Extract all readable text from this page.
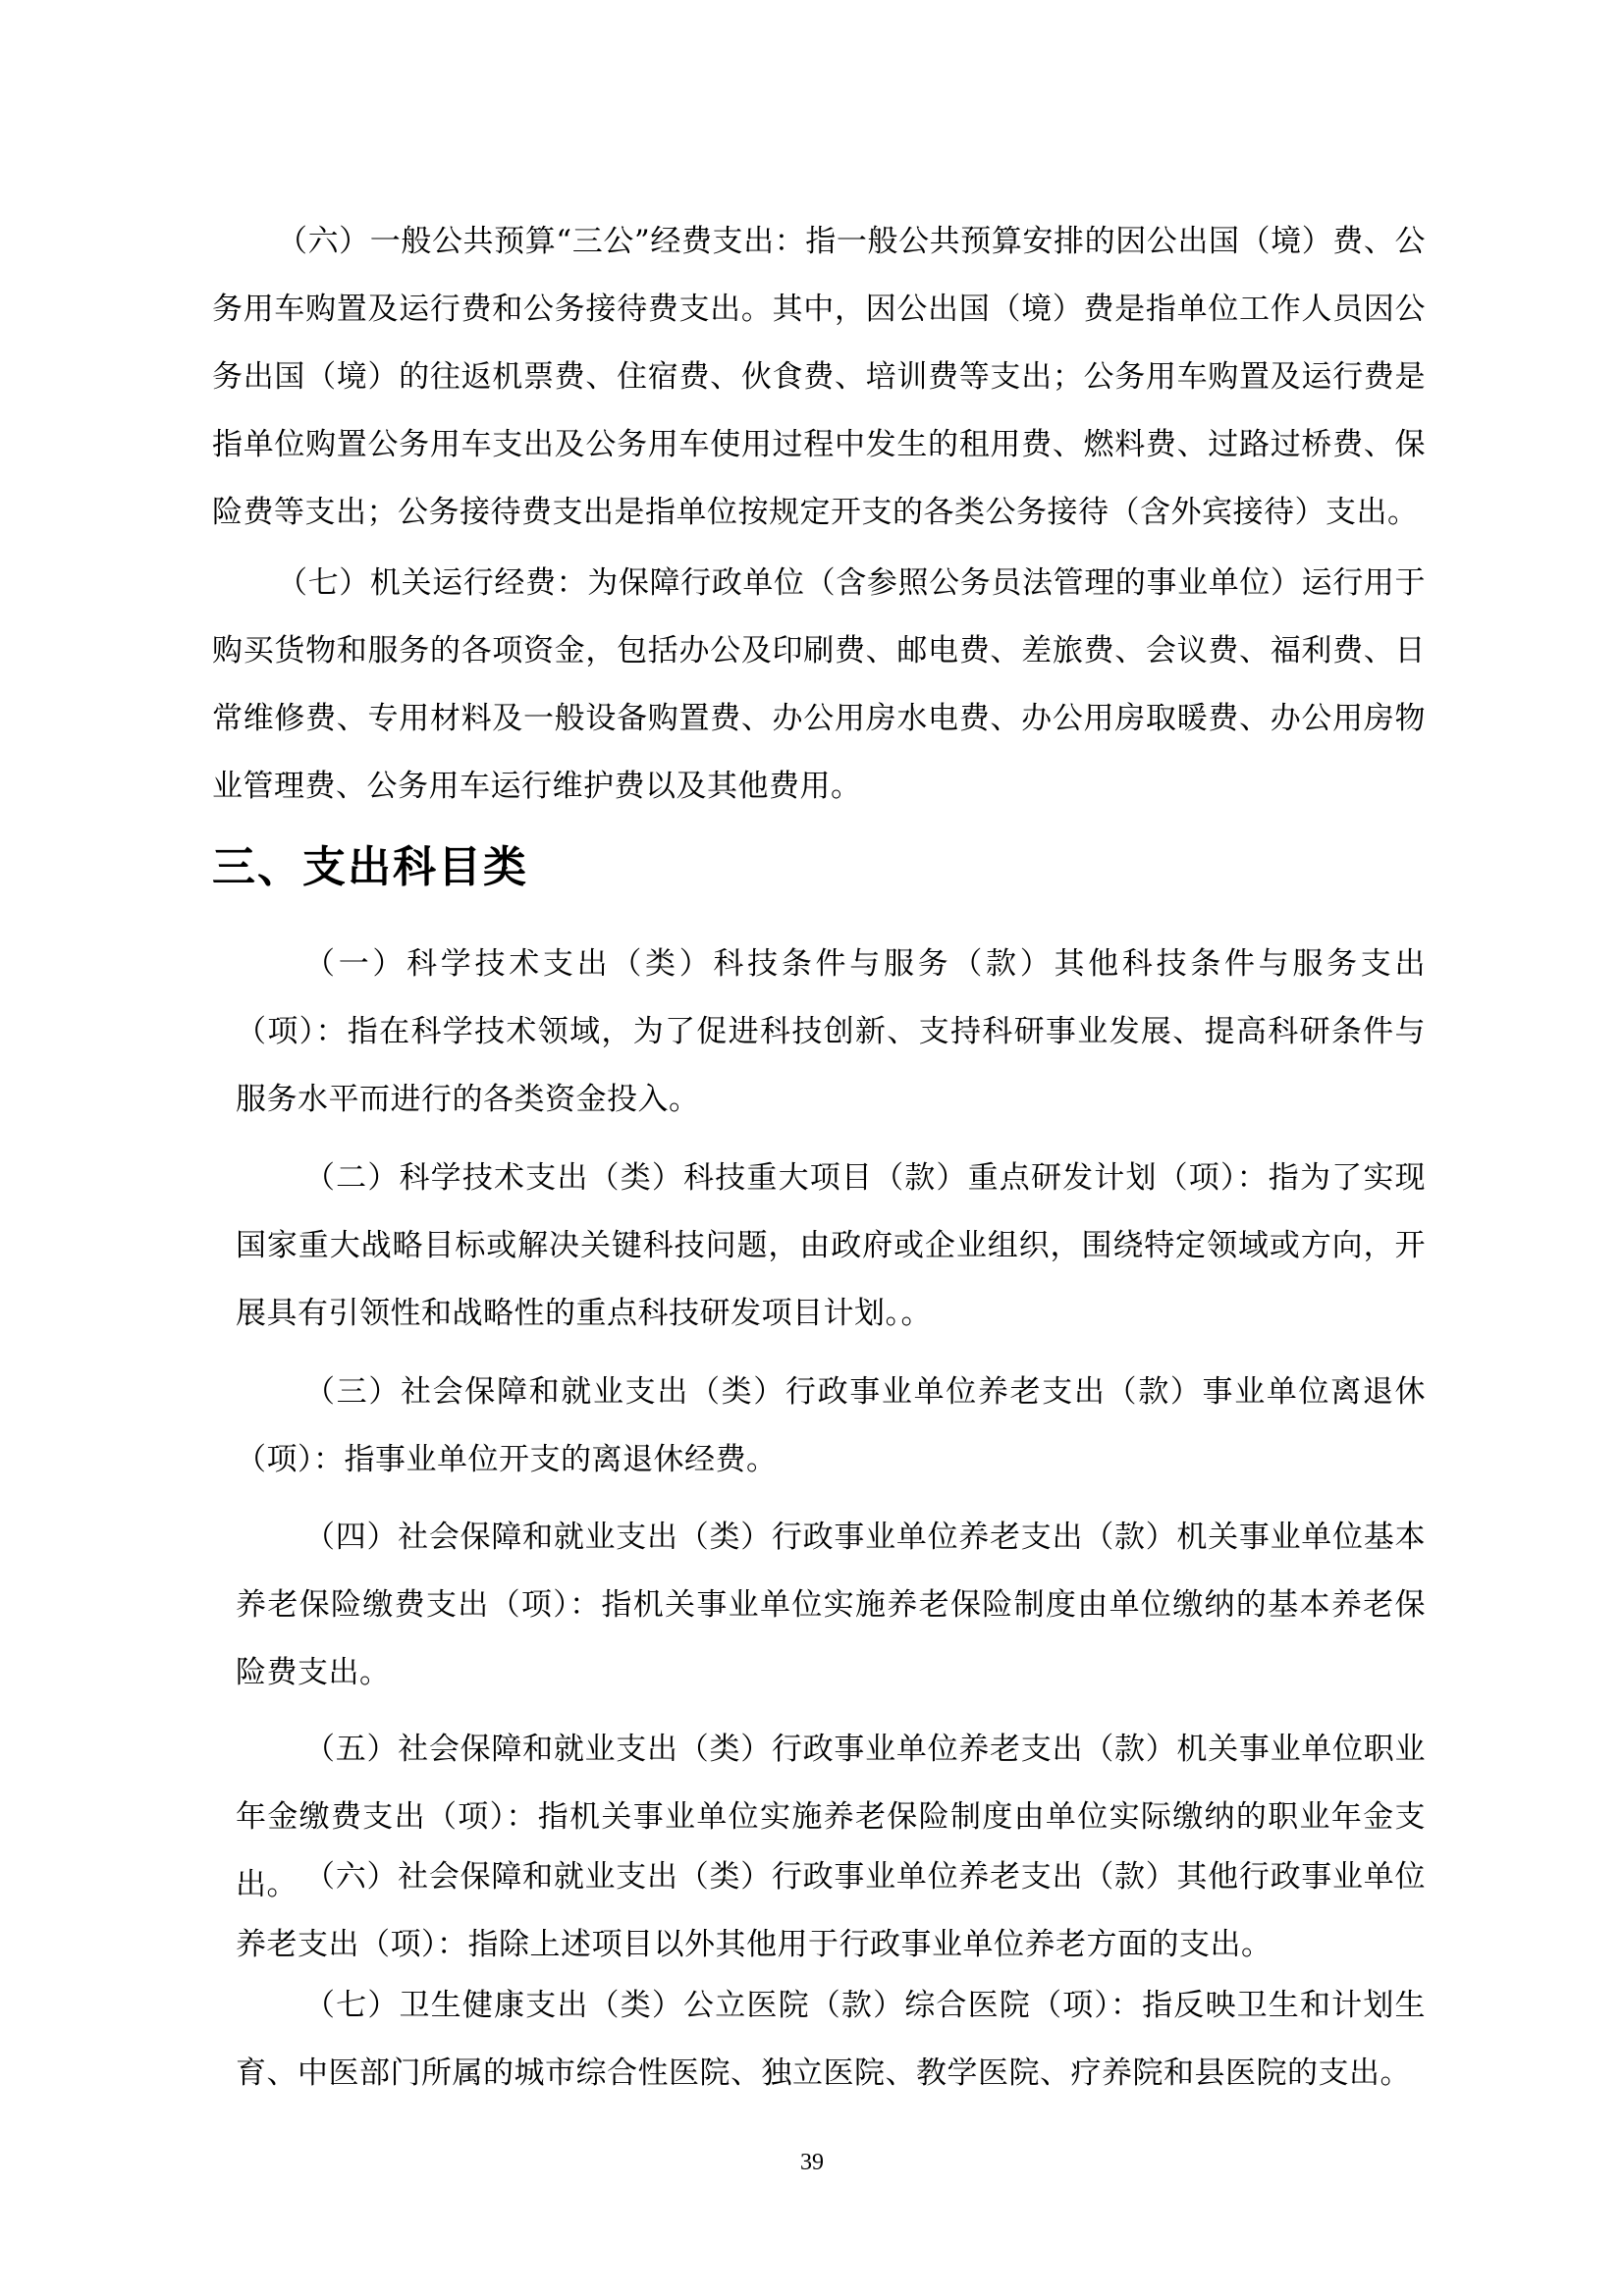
（六）一般公共预算“三公”经费支出：指一般公共预算安排的因公出国（境）费、公务用车购置及运行费和公务接待费支出。其中，因公出国（境）费是指单位工作人员因公务出国（境）的往返机票费、住宿费、伙食费、培训费等支出；公务用车购置及运行费是指单位购置公务用车支出及公务用车使用过程中发生的租用费、燃料费、过路过桥费、保险费等支出；公务接待费支出是指单位按规定开支的各类公务接待（含外宾接待）支出。

（七）机关运行经费：为保障行政单位（含参照公务员法管理的事业单位）运行用于购买货物和服务的各项资金，包括办公及印刷费、邮电费、差旅费、会议费、福利费、日常维修费、专用材料及一般设备购置费、办公用房水电费、办公用房取暖费、办公用房物业管理费、公务用车运行维护费以及其他费用。

三、支出科目类

（一）科学技术支出（类）科技条件与服务（款）其他科技条件与服务支出（项）：指在科学技术领域，为了促进科技创新、支持科研事业发展、提高科研条件与服务水平而进行的各类资金投入。

（二）科学技术支出（类）科技重大项目（款）重点研发计划（项）：指为了实现国家重大战略目标或解决关键科技问题，由政府或企业组织，围绕特定领域或方向，开展具有引领性和战略性的重点科技研发项目计划。。

（三）社会保障和就业支出（类）行政事业单位养老支出（款）事业单位离退休（项）：指事业单位开支的离退休经费。

（四）社会保障和就业支出（类）行政事业单位养老支出（款）机关事业单位基本养老保险缴费支出（项）：指机关事业单位实施养老保险制度由单位缴纳的基本养老保险费支出。

（五）社会保障和就业支出（类）行政事业单位养老支出（款）机关事业单位职业年金缴费支出（项）：指机关事业单位实施养老保险制度由单位实际缴纳的职业年金支出。 （六）社会保障和就业支出（类）行政事业单位养老支出（款）其他行政事业单位养老支出（项）：指除上述项目以外其他用于行政事业单位养老方面的支出。

（七）卫生健康支出（类）公立医院（款）综合医院（项）：指反映卫生和计划生育、中医部门所属的城市综合性医院、独立医院、教学医院、疗养院和县医院的支出。

39
